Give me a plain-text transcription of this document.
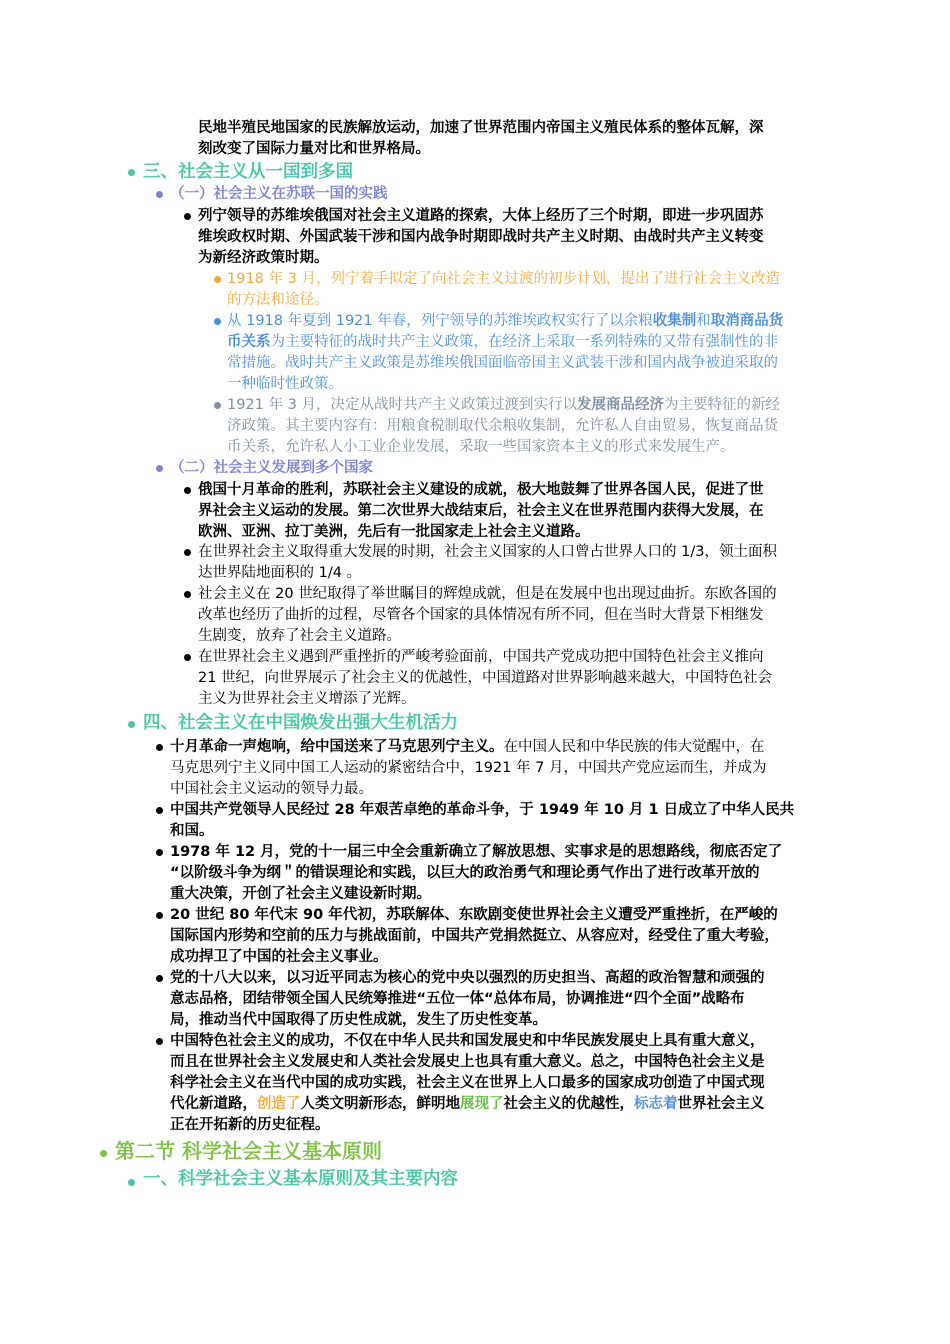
民地半殖民地国家的民族解放运动，加速了世界范围内帝国主义殖民体系的整体瓦解，深

刻改变了国际力量对比和世界格局。

三、社会主义从一国到多国
（一）社会主义在苏联一国的实践

列宁领导的苏维埃俄国对社会主义道路的探索，大体上经历了三个时期，即进一步巩固苏

维埃政权时期、外国武装干涉和国内战争时期即战时共产主义时期、由战时共产主义转变

为新经济政策时期。

1918 年 3 月，列宁着手拟定了向社会主义过渡的初步计划，提出了进行社会主义改造

的方法和途径。

从 1918 年夏到 1921 年春，列宁领导的苏维埃政权实行了以余粮收集制和取消商品货

币关系为主要特征的战时共产主义政策，在经济上采取一系列特殊的又带有强制性的非

常措施。战时共产主义政策是苏维埃俄国面临帝国主义武装干涉和国内战争被迫采取的

一种临时性政策。

1921 年 3 月，决定从战时共产主义政策过渡到实行以发展商品经济为主要特征的新经

济政策。其主要内容有：用粮食税制取代余粮收集制，允许私人自由贸易，恢复商品货

币关系，允许私人小工业企业发展，采取一些国家资本主义的形式来发展生产。

（二）社会主义发展到多个国家

俄国十月革命的胜利，苏联社会主义建设的成就，极大地鼓舞了世界各国人民，促进了世

界社会主义运动的发展。第二次世界大战结束后，社会主义在世界范围内获得大发展，在

欧洲、亚洲、拉丁美洲，先后有一批国家走上社会主义道路。

在世界社会主义取得重大发展的时期，社会主义国家的人口曾占世界人口的 1/3，领土面积

达世界陆地面积的 1/4 。

社会主义在 20 世纪取得了举世瞩目的辉煌成就，但是在发展中也出现过曲折。东欧各国的

改革也经历了曲折的过程，尽管各个国家的具体情况有所不同，但在当时大背景下相继发

生剧变，放弃了社会主义道路。

在世界社会主义遇到严重挫折的严峻考验面前，中国共产党成功把中国特色社会主义推向

21 世纪，向世界展示了社会主义的优越性，中国道路对世界影响越来越大，中国特色社会

主义为世界社会主义增添了光辉。

四、社会主义在中国焕发出强大生机活力

十月革命一声炮响，给中国送来了马克思列宁主义。在中国人民和中华民族的伟大觉醒中，在

马克思列宁主义同中国工人运动的紧密结合中，1921 年 7 月，中国共产党应运而生，并成为

中国社会主义运动的领导力最。

中国共产党领导人民经过 28 年艰苦卓绝的革命斗争，于 1949 年 10 月 1 日成立了中华人民共

和国。

1978 年 12 月，党的十一届三中全会重新确立了解放思想、实事求是的思想路线，彻底否定了

“以阶级斗争为纲＂的错误理论和实践，以巨大的政治勇气和理论勇气作出了进行改革开放的

重大决策，开创了社会主义建设新时期。

20 世纪 80 年代末 90 年代初，苏联解体、东欧剧变使世界社会主义遭受严重挫折，在严峻的

国际国内形势和空前的压力与挑战面前，中国共产党捐然挺立、从容应对，经受住了重大考验，

成功捍卫了中国的社会主义事业。

党的十八大以来，以习近平同志为核心的党中央以强烈的历史担当、高超的政治智慧和顽强的

意志品格，团结带领全国人民统筹推进“五位一体“总体布局，协调推进“四个全面”战略布

局，推动当代中国取得了历史性成就，发生了历史性变革。

中国特色社会主义的成功，不仅在中华人民共和国发展史和中华民族发展史上具有重大意义，

而且在世界社会主义发展史和人类社会发展史上也具有重大意义。总之，中国特色社会主义是

科学社会主义在当代中国的成功实践，社会主义在世界上人口最多的国家成功创造了中国式现

代化新道路，创造了人类文明新形态，鲜明地展现了社会主义的优越性，标志着世界社会主义

正在开拓新的历史征程。

第二节 科学社会主义基本原则
一、科学社会主义基本原则及其主要内容
